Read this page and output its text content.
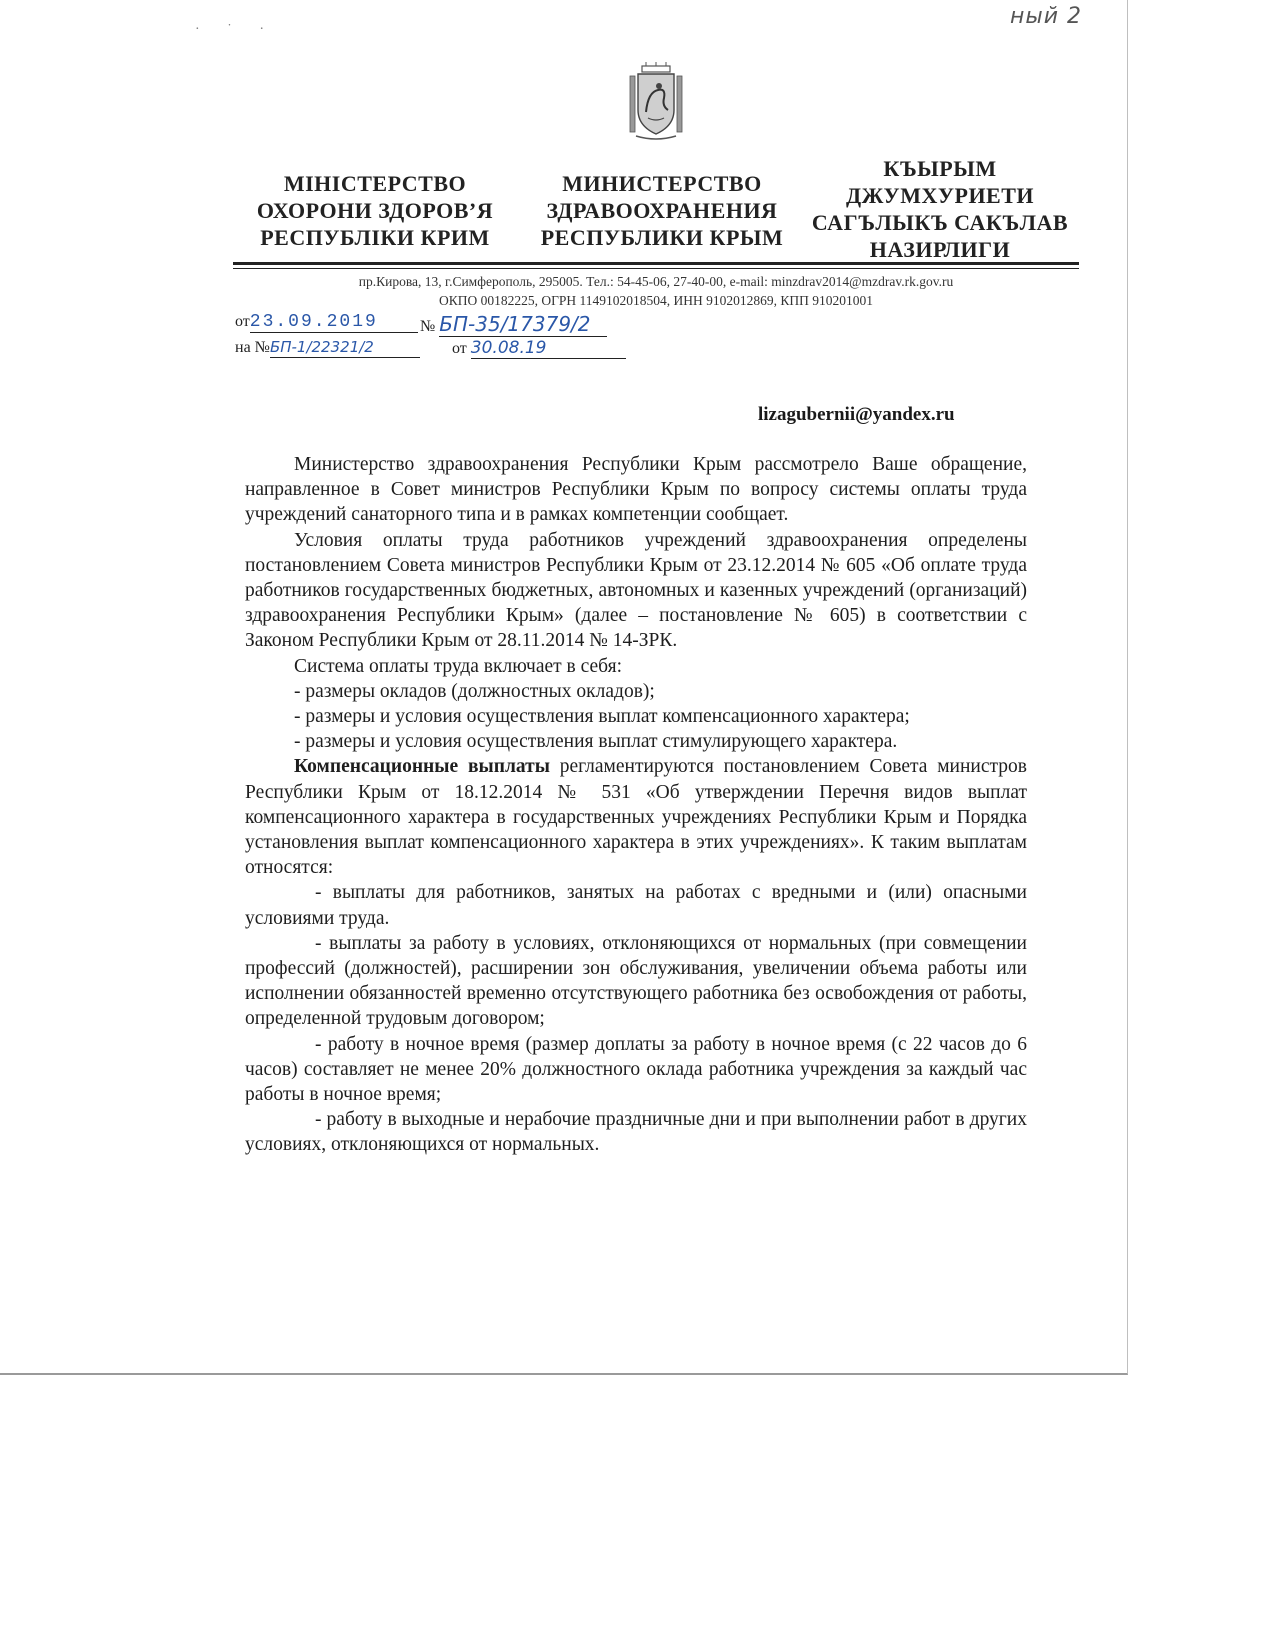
ный 2
· ˙ ·
МІНІСТЕРСТВО
ОХОРОНИ ЗДОРОВ’Я
РЕСПУБЛІКИ КРИМ
МИНИСТЕРСТВО
ЗДРАВООХРАНЕНИЯ
РЕСПУБЛИКИ КРЫМ
КЪЫРЫМ
ДЖУМХУРИЕТИ
САГЪЛЫКЪ САКЪЛАВ
НАЗИРЛИГИ
пр.Кирова, 13, г.Симферополь, 295005. Тел.: 54-45-06, 27-40-00, e-mail: minzdrav2014@mzdrav.rk.gov.ru
ОКПО 00182225, ОГРН 1149102018504, ИНН 9102012869, КПП 910201001
от23.09.2019	№ БП-35/17379/2
на №БП-1/22321/2	от 30.08.19
lizagubernii@yandex.ru

Министерство здравоохранения Республики Крым рассмотрело Ваше обращение, направленное в Совет министров Республики Крым по вопросу системы оплаты труда учреждений санаторного типа и в рамках компетенции сообщает.

Условия оплаты труда работников учреждений здравоохранения определены постановлением Совета министров Республики Крым от 23.12.2014 № 605 «Об оплате труда работников государственных бюджетных, автономных и казенных учреждений (организаций) здравоохранения Республики Крым» (далее – постановление № 605) в соответствии с Законом Республики Крым от 28.11.2014 № 14-ЗРК.

Система оплаты труда включает в себя:

- размеры окладов (должностных окладов);

- размеры и условия осуществления выплат компенсационного характера;

- размеры и условия осуществления выплат стимулирующего характера.

Компенсационные выплаты регламентируются постановлением Совета министров Республики Крым от 18.12.2014 № 531 «Об утверждении Перечня видов выплат компенсационного характера в государственных учреждениях Республики Крым и Порядка установления выплат компенсационного характера в этих учреждениях». К таким выплатам относятся:

- выплаты для работников, занятых на работах с вредными и (или) опасными условиями труда.

- выплаты за работу в условиях, отклоняющихся от нормальных (при совмещении профессий (должностей), расширении зон обслуживания, увеличении объема работы или исполнении обязанностей временно отсутствующего работника без освобождения от работы, определенной трудовым договором;

- работу в ночное время (размер доплаты за работу в ночное время (с 22 часов до 6 часов) составляет не менее 20% должностного оклада работника учреждения за каждый час работы в ночное время;

- работу в выходные и нерабочие праздничные дни и при выполнении работ в других условиях, отклоняющихся от нормальных.
